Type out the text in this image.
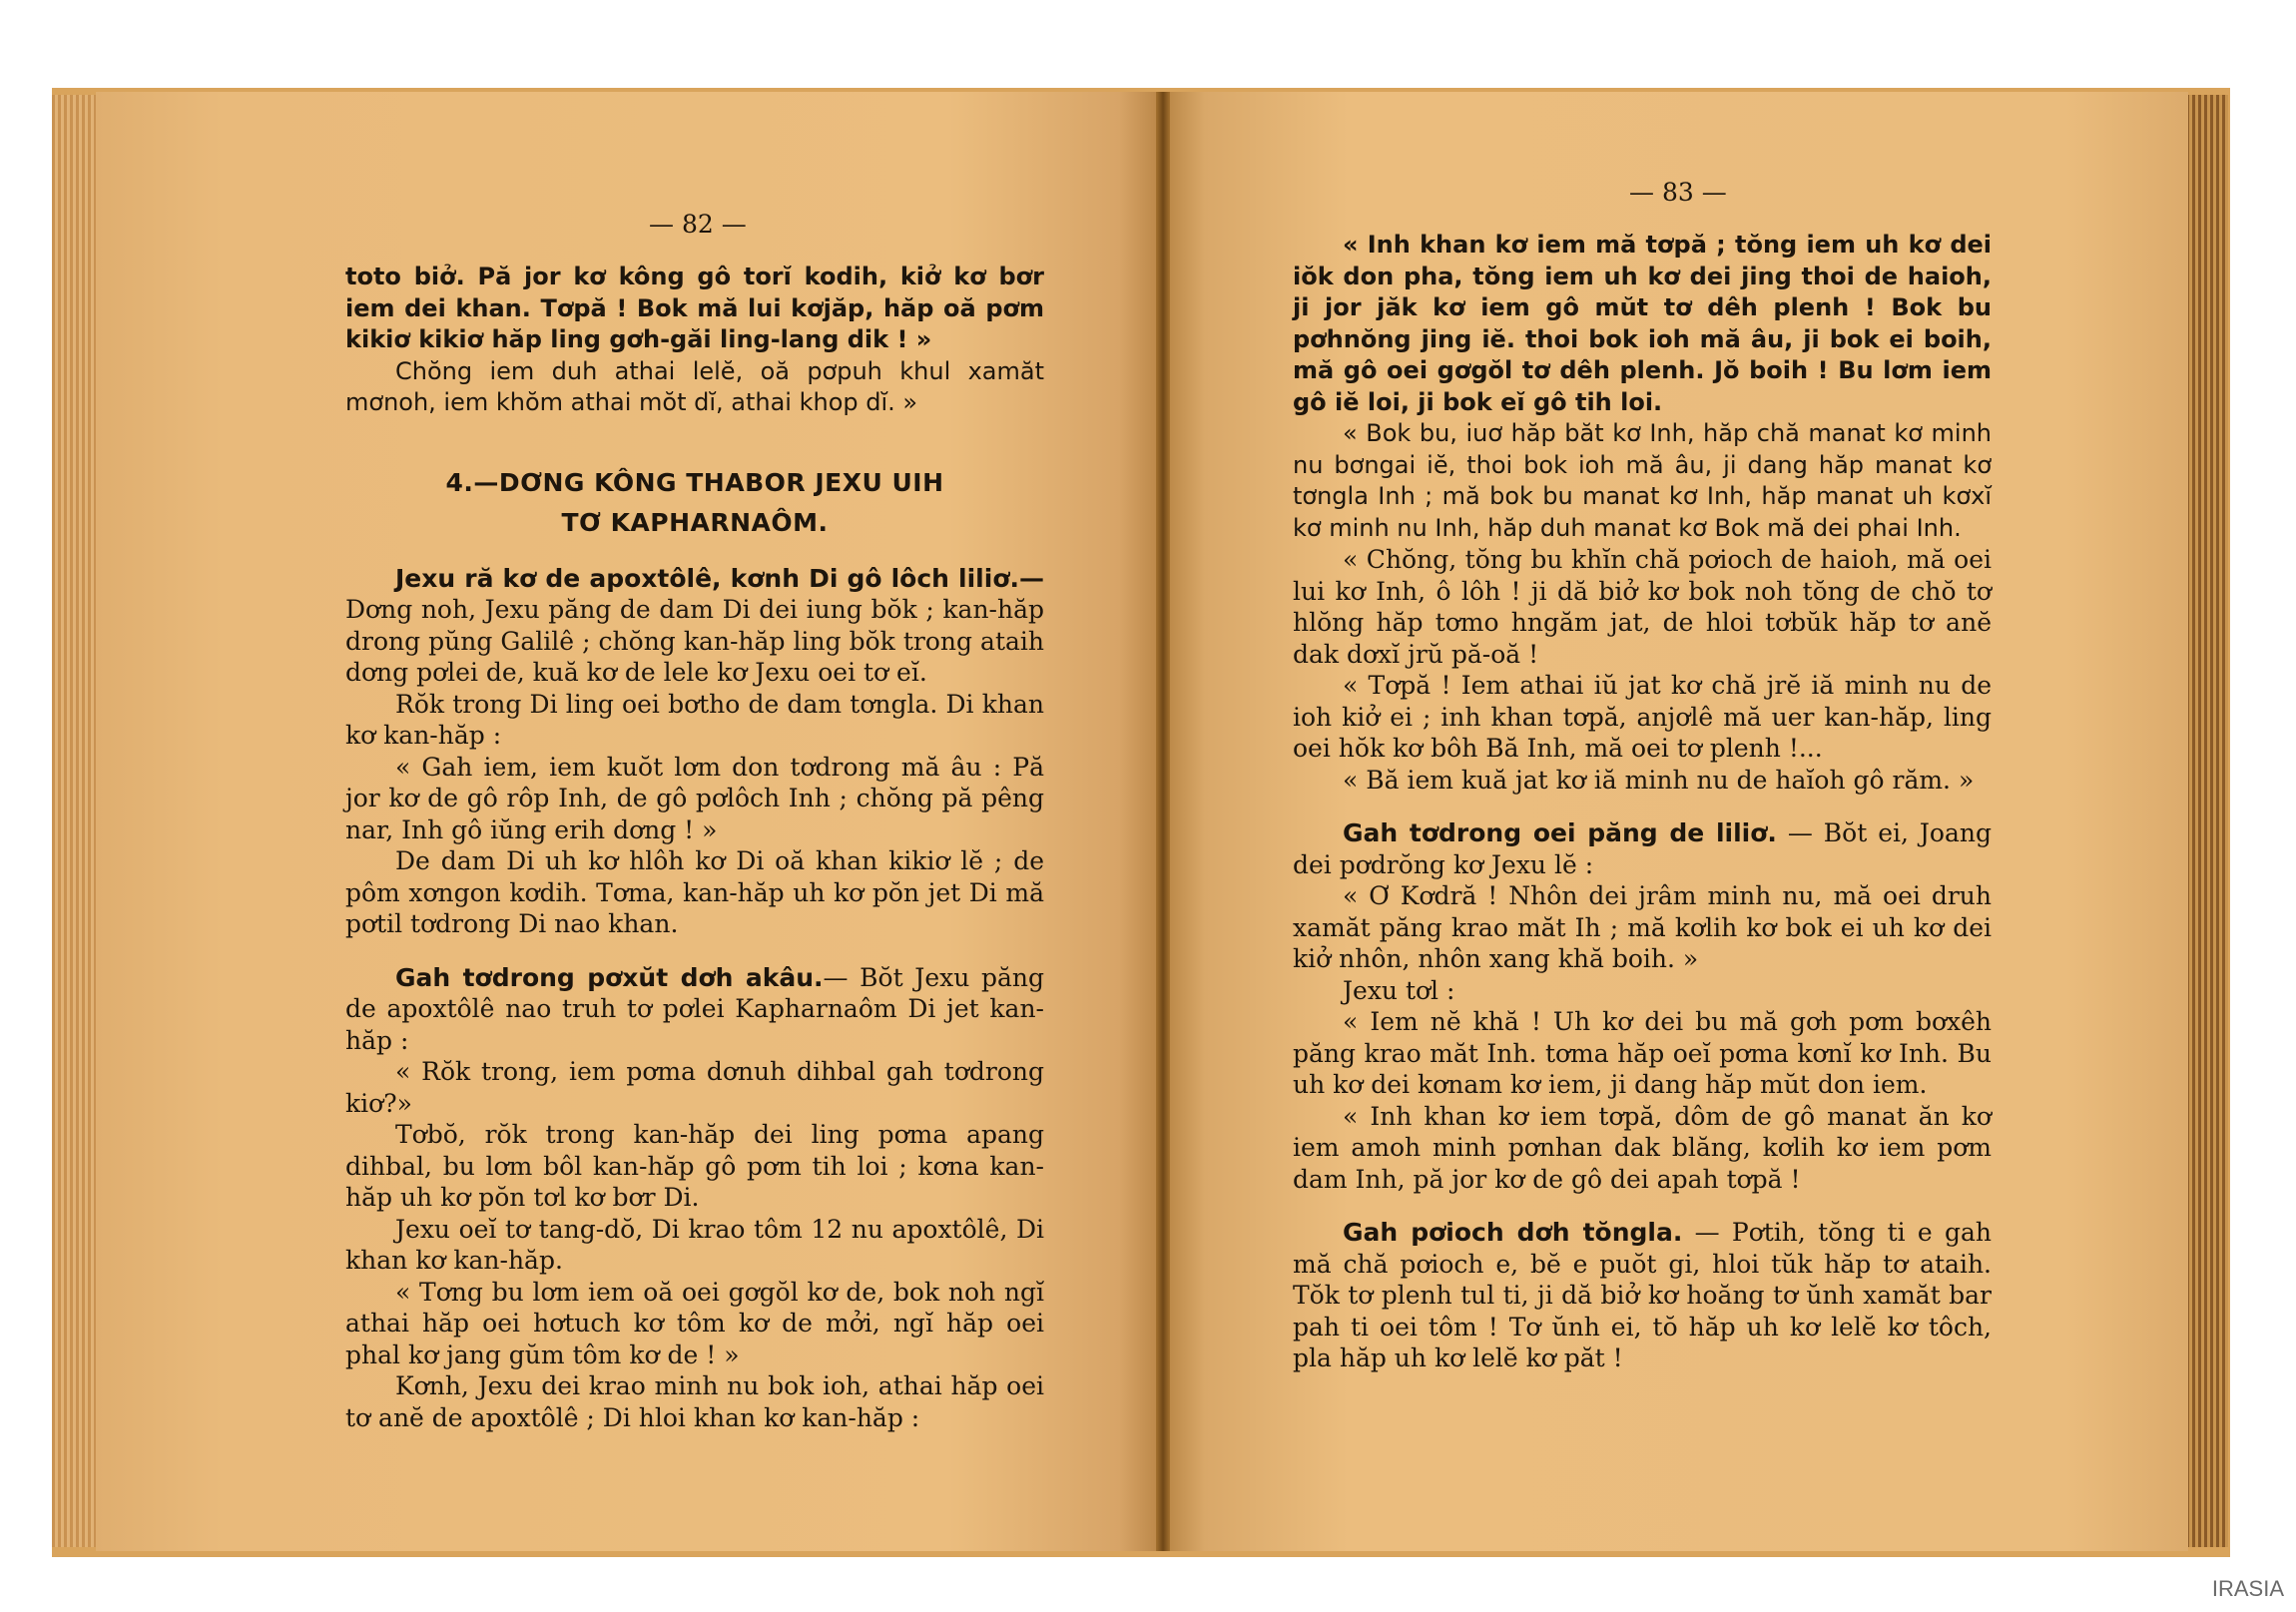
— 82 —

toto biở. Pă jor kơ kông gô torĭ kodih, kiở kơ bơr iem dei khan. Tơpă ! Bok mă lui kơjăp, hăp oă pơm kikiơ kikiơ hăp ling gơh-găi ling-lang dik ! »

Chŏng iem duh athai lelĕ, oă pơpuh khul xamăt mơnoh, iem khŏm athai mŏt dĭ, athai khop dĭ. »

4.—DƠNG KÔNG THABOR JEXU UIH
TƠ KAPHARNAÔM.

Jexu ră kơ de apoxtôlê, kơnh Di gô lôch liliơ.— Dơng noh, Jexu păng de dam Di dei iung bŏk ; kan-hăp drong pŭng Galilê ; chŏng kan-hăp ling bŏk trong ataih dơng pơlei de, kuă kơ de lele kơ Jexu oei tơ eĭ.

Rŏk trong Di ling oei bơtho de dam tơngla. Di khan kơ kan-hăp :

« Gah iem, iem kuŏt lơm don tơdrong mă âu : Pă jor kơ de gô rôp Inh, de gô pơlôch Inh ; chŏng pă pêng nar, Inh gô iŭng erih dơng ! »

De dam Di uh kơ hlôh kơ Di oă khan kikiơ lĕ ; de pôm xơngon kơdih. Tơma, kan-hăp uh kơ pŏn jet Di mă pơtil tơdrong Di nao khan.

Gah tơdrong pơxŭt dơh akâu.— Bŏt Jexu păng de apoxtôlê nao truh tơ pơlei Kapharnaôm Di jet kan-hăp :

« Rŏk trong, iem pơma dơnuh dihbal gah tơdrong kiơ?»

Tơbŏ, rŏk trong kan-hăp dei ling pơma apang dihbal, bu lơm bôl kan-hăp gô pơm tih loi ; kơna kan-hăp uh kơ pŏn tơl kơ bơr Di.

Jexu oeĭ tơ tang-dŏ, Di krao tôm 12 nu apoxtôlê, Di khan kơ kan-hăp.

« Tơng bu lơm iem oă oei gơgŏl kơ de, bok noh ngĭ athai hăp oei hơtuch kơ tôm kơ de mởi, ngĭ hăp oei phal kơ jang gŭm tôm kơ de ! »

Kơnh, Jexu dei krao minh nu bok ioh, athai hăp oei tơ anĕ de apoxtôlê ; Di hloi khan kơ kan-hăp :

— 83 —

« Inh khan kơ iem mă tơpă ; tŏng iem uh kơ dei iŏk don pha, tŏng iem uh kơ dei jing thoi de haioh, ji jor jăk kơ iem gô mŭt tơ dêh plenh ! Bok bu pơhnŏng jing iĕ. thoi bok ioh mă âu, ji bok ei boih, mă gô oei gơgŏl tơ dêh plenh. Jŏ boih ! Bu lơm iem gô iĕ loi, ji bok eĭ gô tih loi.

« Bok bu, iuơ hăp băt kơ Inh, hăp chă manat kơ minh nu bơngai iĕ, thoi bok ioh mă âu, ji dang hăp manat kơ tơngla Inh ; mă bok bu manat kơ Inh, hăp manat uh kơxĭ kơ minh nu Inh, hăp duh manat kơ Bok mă dei phai Inh.

« Chŏng, tŏng bu khĭn chă pơioch de haioh, mă oei lui kơ Inh, ô lôh ! ji dă biở kơ bok noh tŏng de chŏ tơ hlŏng hăp tơmo hngăm jat, de hloi tơbŭk hăp tơ anĕ dak dơxĭ jrŭ pă-oă !

« Tơpă ! Iem athai iŭ jat kơ chă jrĕ iă minh nu de ioh kiở ei ; inh khan tơpă, anjơlê mă uer kan-hăp, ling oei hŏk kơ bôh Bă Inh, mă oei tơ plenh !...

« Bă iem kuă jat kơ iă minh nu de haĭoh gô răm. »

Gah tơdrong oei păng de liliơ. — Bŏt ei, Joang dei pơdrŏng kơ Jexu lĕ :

« Ơ Kơdră ! Nhôn dei jrâm minh nu, mă oei druh xamăt păng krao măt Ih ; mă kơlih kơ bok ei uh kơ dei kiở nhôn, nhôn xang khă boih. »

Jexu tơl :

« Iem nĕ khă ! Uh kơ dei bu mă gơh pơm bơxêh păng krao măt Inh. tơma hăp oeĭ pơma kơnĭ kơ Inh. Bu uh kơ dei kơnam kơ iem, ji dang hăp mŭt don iem.

« Inh khan kơ iem tơpă, dôm de gô manat ăn kơ iem amoh minh pơnhan dak blăng, kơlih kơ iem pơm dam Inh, pă jor kơ de gô dei apah tơpă !

Gah pơioch dơh tŏngla. — Pơtih, tŏng ti e gah mă chă pơioch e, bĕ e puŏt gi, hloi tŭk hăp tơ ataih. Tŏk tơ plenh tul ti, ji dă biở kơ hoăng tơ ŭnh xamăt bar pah ti oei tôm ! Tơ ŭnh ei, tŏ hăp uh kơ lelĕ kơ tôch, pla hăp uh kơ lelĕ kơ păt !

IRASIA
